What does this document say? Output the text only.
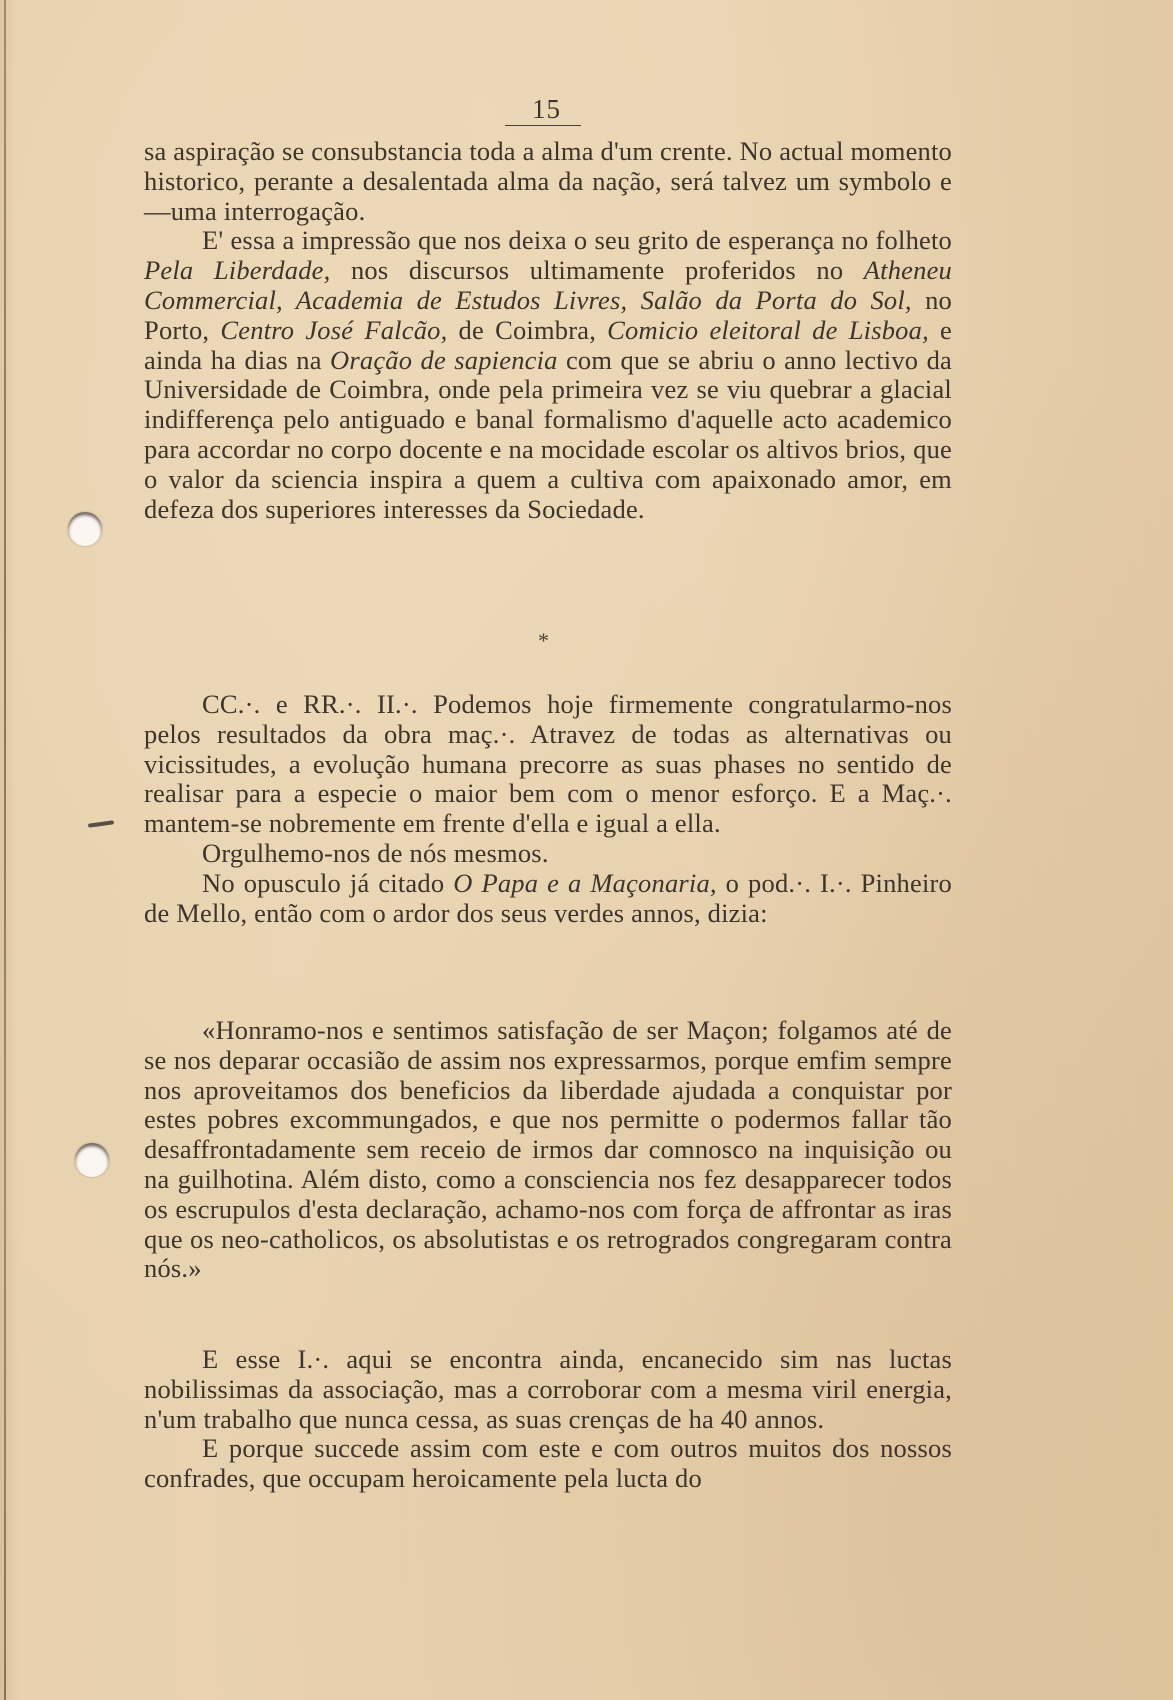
15

sa aspiração se consubstancia toda a alma d'um crente. No actual momento historico, perante a desalentada alma da nação, será talvez um symbolo e —uma interrogação.

E' essa a impressão que nos deixa o seu grito de esperança no folheto Pela Liberdade, nos discursos ultimamente proferidos no Atheneu Commercial, Academia de Estudos Livres, Salão da Porta do Sol, no Porto, Centro José Falcão, de Coimbra, Comicio eleitoral de Lisboa, e ainda ha dias na Oração de sapiencia com que se abriu o anno lectivo da Universidade de Coimbra, onde pela primeira vez se viu quebrar a glacial indifferença pelo antiguado e banal formalismo d'aquelle acto academico para accordar no corpo docente e na mocidade escolar os altivos brios, que o valor da sciencia inspira a quem a cultiva com apaixonado amor, em defeza dos superiores interesses da Sociedade.

*

CC.·. e RR.·. II.·. Podemos hoje firmemente congratularmo-nos pelos resultados da obra maç.·. Atravez de todas as alternativas ou vicissitudes, a evolução humana precorre as suas phases no sentido de realisar para a especie o maior bem com o menor esforço. E a Maç.·. mantem-se nobremente em frente d'ella e igual a ella.

Orgulhemo-nos de nós mesmos.

No opusculo já citado O Papa e a Maçonaria, o pod.·. I.·. Pinheiro de Mello, então com o ardor dos seus verdes annos, dizia:

«Honramo-nos e sentimos satisfação de ser Maçon; folgamos até de se nos deparar occasião de assim nos expressarmos, porque emfim sempre nos aproveitamos dos beneficios da liberdade ajudada a conquistar por estes pobres excommungados, e que nos permitte o podermos fallar tão desaffrontadamente sem receio de irmos dar comnosco na inquisição ou na guilhotina. Além disto, como a consciencia nos fez desapparecer todos os escrupulos d'esta declaração, achamo-nos com força de affrontar as iras que os neo-catholicos, os absolutistas e os retrogrados congregaram contra nós.»

E esse I.·. aqui se encontra ainda, encanecido sim nas luctas nobilissimas da associação, mas a corroborar com a mesma viril energia, n'um trabalho que nunca cessa, as suas crenças de ha 40 annos.

E porque succede assim com este e com outros muitos dos nossos confrades, que occupam heroicamente pela lucta do
